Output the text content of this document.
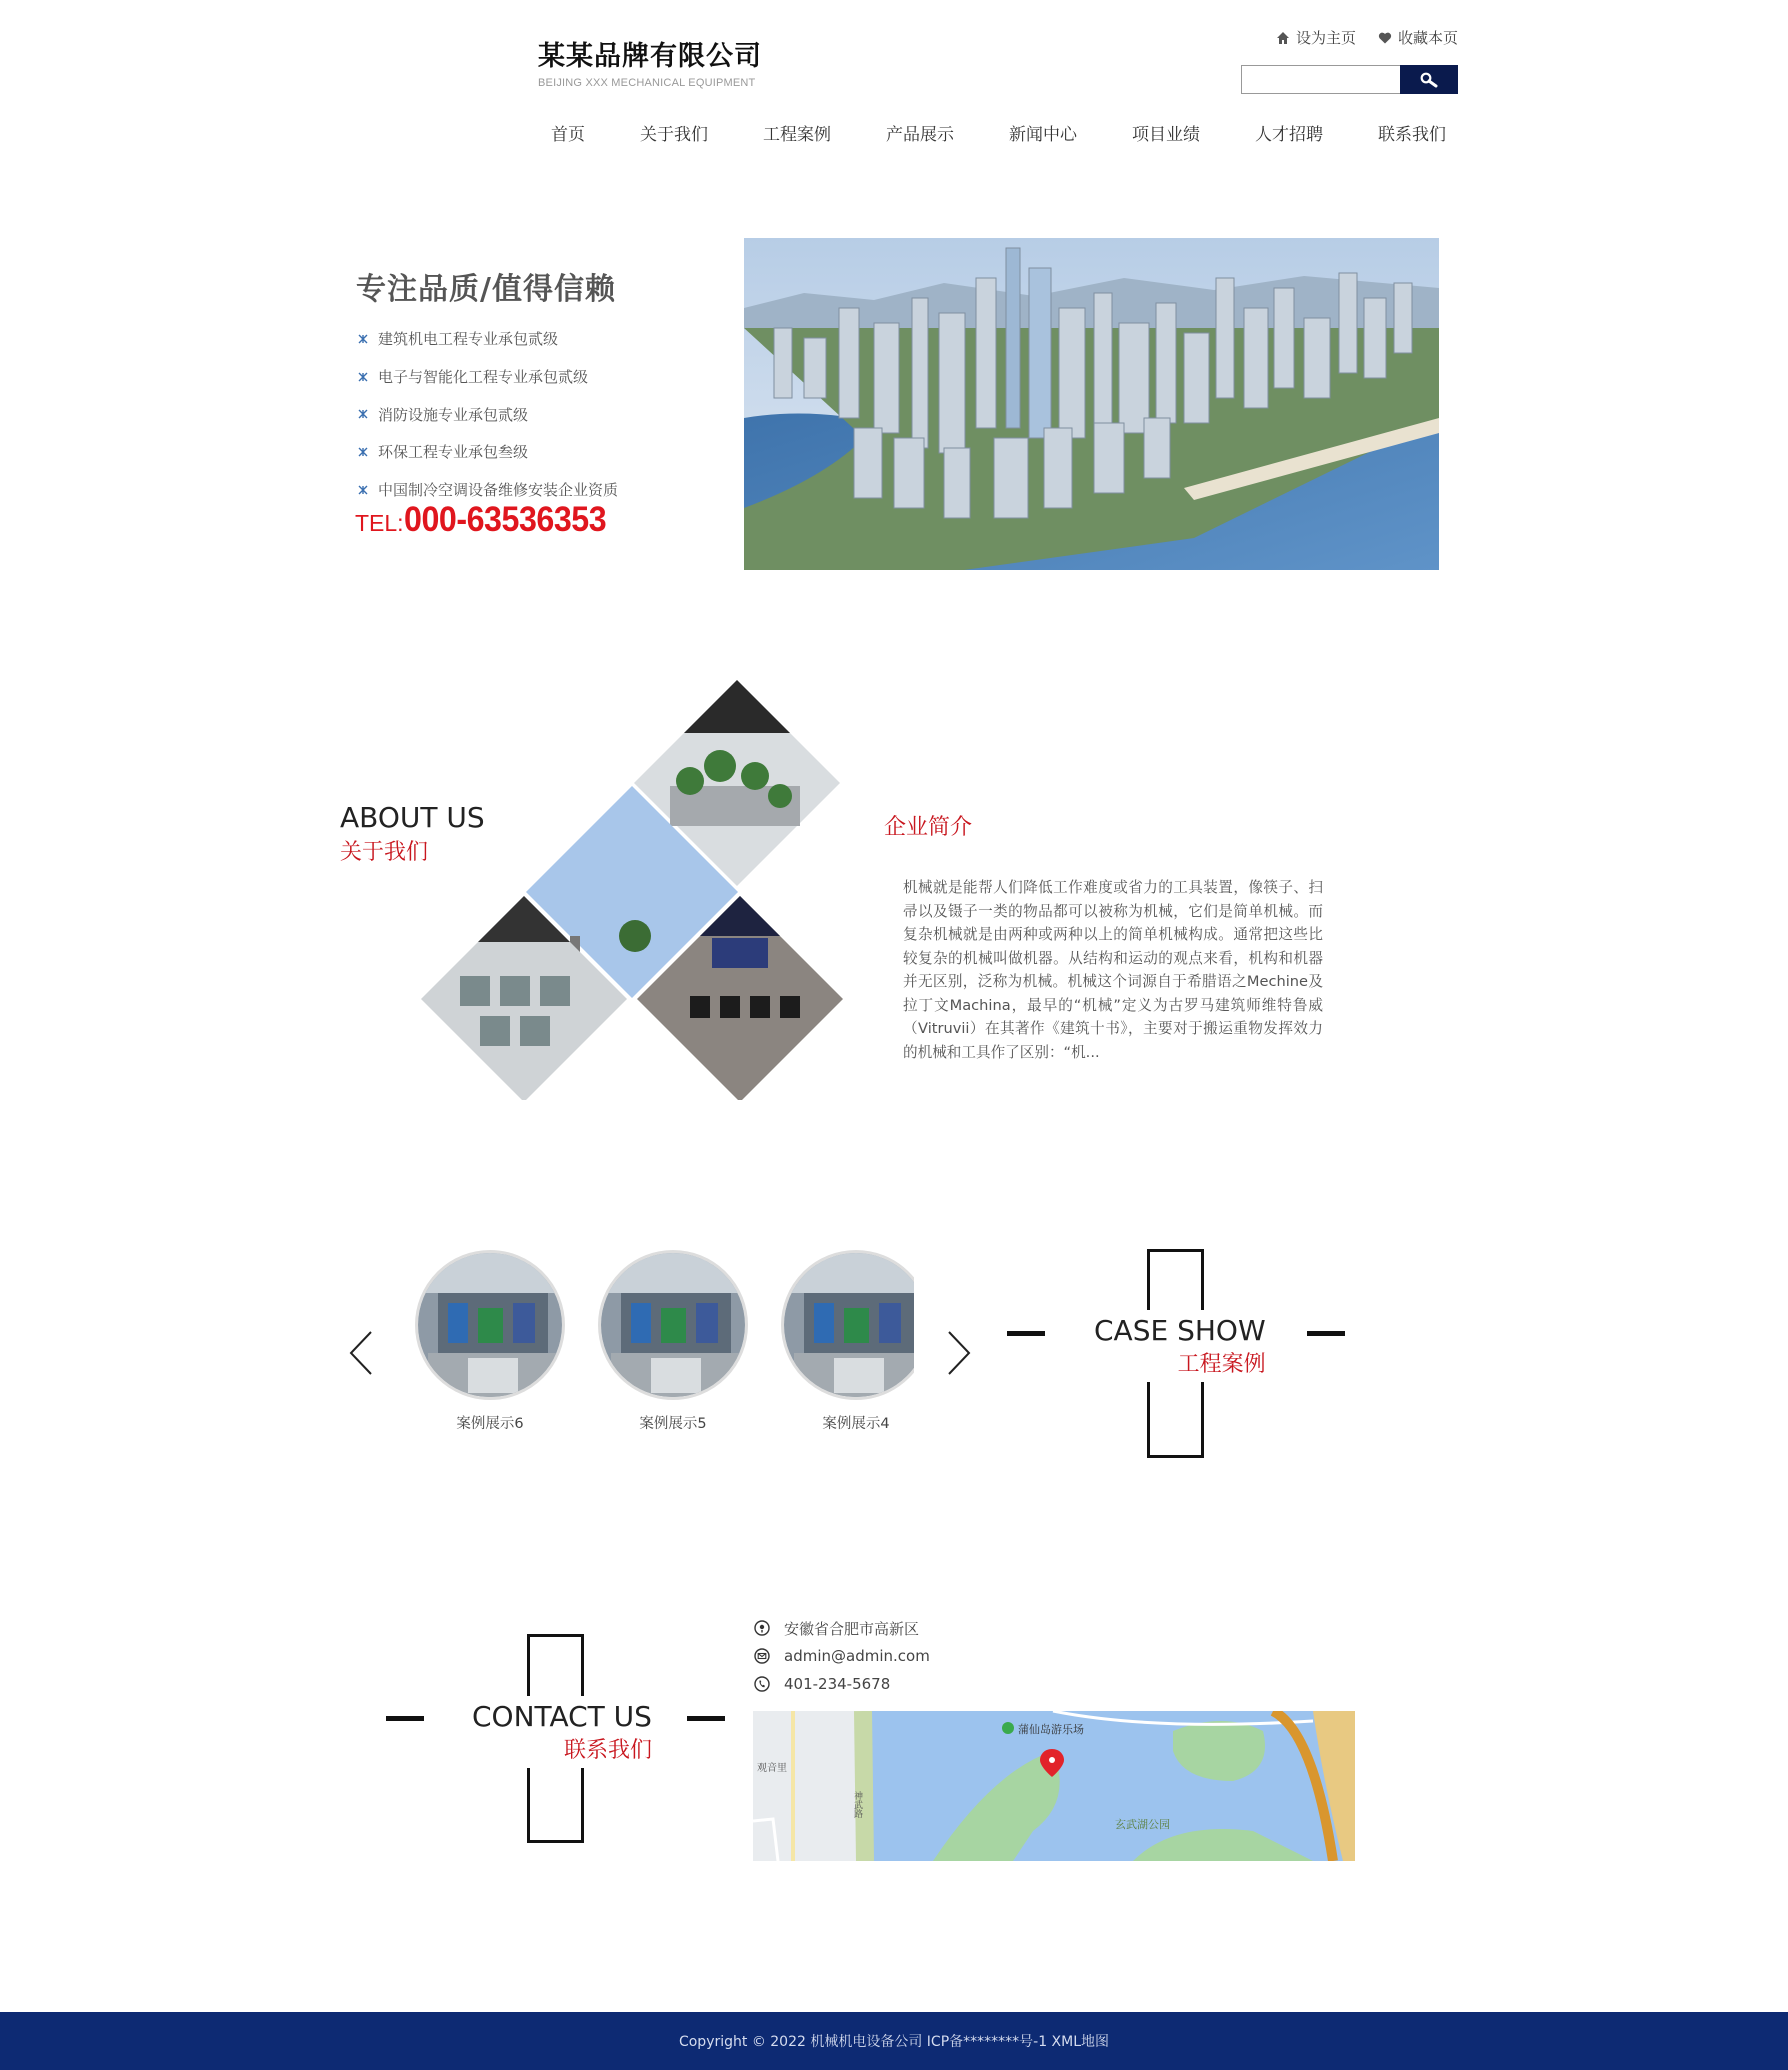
某某品牌有限公司
BEIJING XXX MECHANICAL EQUIPMENT
设为主页	收藏本页
首页	关于我们	工程案例	产品展示	新闻中心	项目业绩	人才招聘	联系我们
专注品质/值得信赖
建筑机电工程专业承包贰级
电子与智能化工程专业承包贰级
消防设施专业承包贰级
环保工程专业承包叁级
中国制冷空调设备维修安装企业资质
TEL: 000-63536353
ABOUT US
关于我们
企业简介
机械就是能帮人们降低工作难度或省力的工具装置，像筷子、扫帚以及镊子一类的物品都可以被称为机械，它们是简单机械。而复杂机械就是由两种或两种以上的简单机械构成。通常把这些比较复杂的机械叫做机器。从结构和运动的观点来看，机构和机器并无区别，泛称为机械。机械这个词源自于希腊语之Mechine及拉丁文Machina，最早的“机械”定义为古罗马建筑师维特鲁威（Vitruvii）在其著作《建筑十书》，主要对于搬运重物发挥效力的机械和工具作了区别：“机...
案例展示6	案例展示5	案例展示4
CASE SHOW
工程案例
CONTACT US
联系我们
安徽省合肥市高新区
admin@admin.com
401-234-5678
蒲仙岛游乐场
玄武湖公园
观音里
神武路
Copyright © 2022 机械机电设备公司 ICP备********号-1 XML地图
